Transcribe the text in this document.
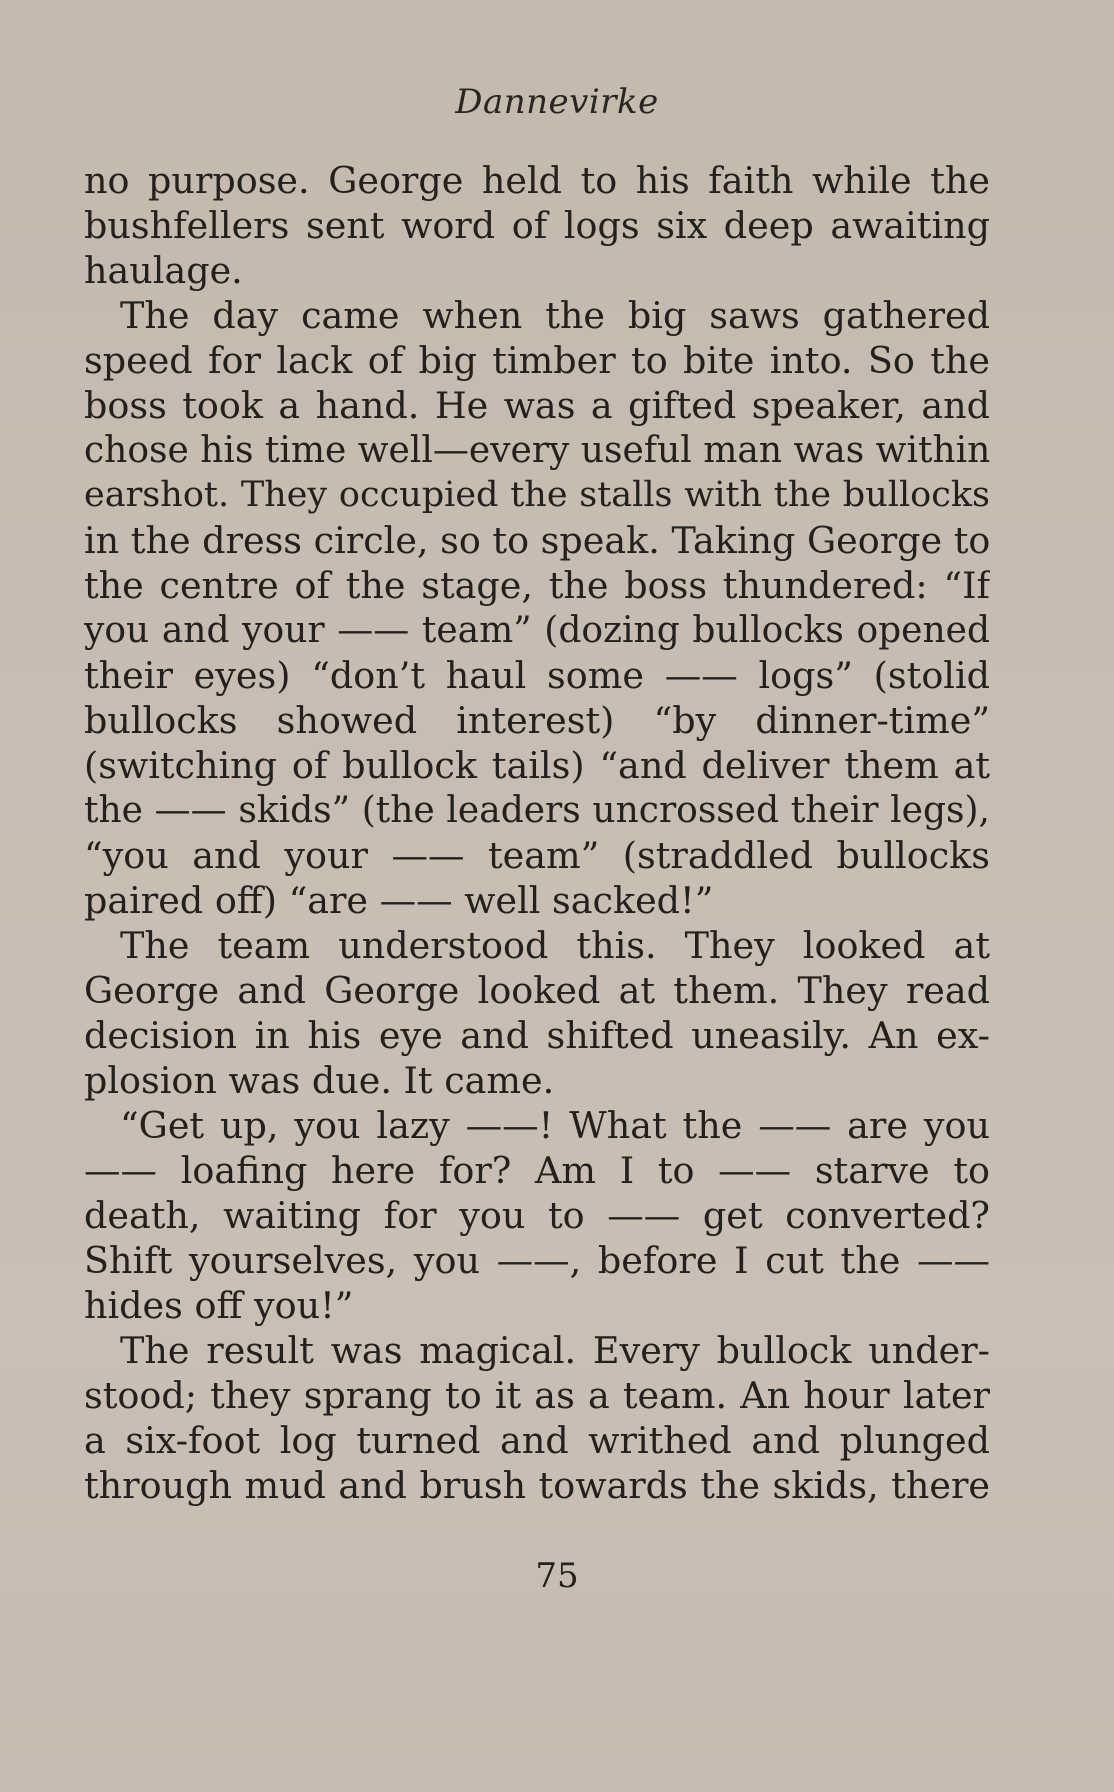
Dannevirke
no purpose. George held to his faith while the
bushfellers sent word of logs six deep awaiting
haulage.
The day came when the big saws gathered
speed for lack of big timber to bite into. So the
boss took a hand. He was a gifted speaker, and
chose his time well—every useful man was within
earshot. They occupied the stalls with the bullocks
in the dress circle, so to speak. Taking George to
the centre of the stage, the boss thundered: “If
you and your —— team” (dozing bullocks opened
their eyes) “don’t haul some —— logs” (stolid
bullocks showed interest) “by dinner-time”
(switching of bullock tails) “and deliver them at
the —— skids” (the leaders uncrossed their legs),
“you and your —— team” (straddled bullocks
paired off) “are —— well sacked!”
The team understood this. They looked at
George and George looked at them. They read
decision in his eye and shifted uneasily. An ex-
plosion was due. It came.
“Get up, you lazy ——! What the —— are you
—— loafing here for? Am I to —— starve to
death, waiting for you to —— get converted?
Shift yourselves, you ——, before I cut the ——
hides off you!”
The result was magical. Every bullock under-
stood; they sprang to it as a team. An hour later
a six-foot log turned and writhed and plunged
through mud and brush towards the skids, there
75
